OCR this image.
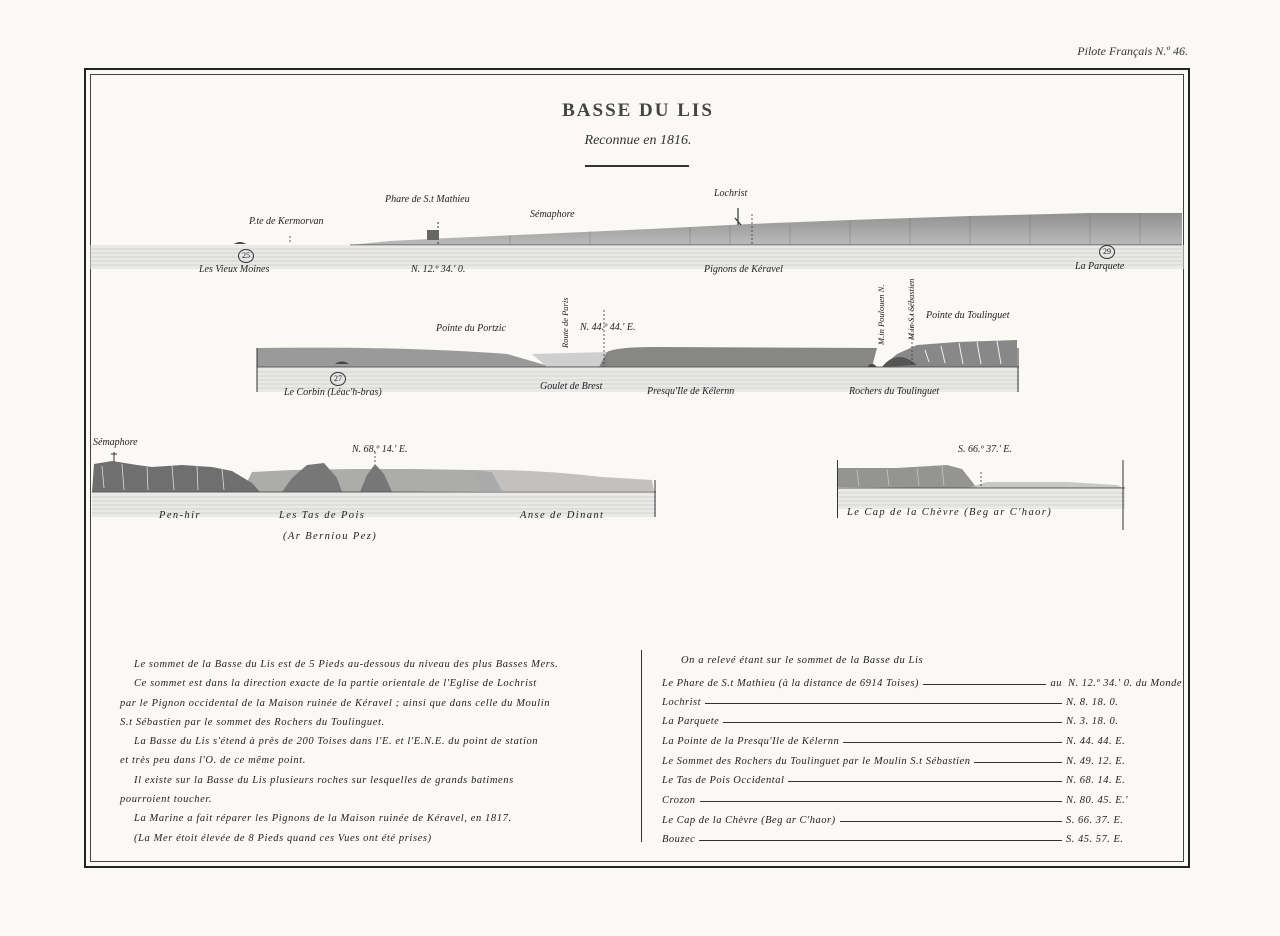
Pilote Français N.º 46.
BASSE DU LIS
Reconnue en 1816.
P.te de Kermorvan
Phare de S.t Mathieu
Sémaphore
Lochrist
25	29
Les Vieux Moines	N. 12.º 34.' 0.	Pignons de Kéravel	La Parquete
Pointe du Portzic	Route de Paris N. 44.º 44.' E.	M.in Poulouen N. M.in S.t Sébastien Pointe du Toulinguet
27
Le Corbin (Léac'h-bras)
Goulet de Brest	Presqu'Ile de Kélernn	Rochers du Toulinguet
Sémaphore
N. 68.º 14.' E.
Pen-hir	Les Tas de Pois
(Ar Berniou Pez)
Anse de Dinant
S. 66.º 37.' E.
Le Cap de la Chèvre (Beg ar C'haor)

Le sommet de la Basse du Lis est de 5 Pieds au-dessous du niveau des plus Basses Mers.

Ce sommet est dans la direction exacte de la partie orientale de l'Eglise de Lochrist

par le Pignon occidental de la Maison ruinée de Kéravel ; ainsi que dans celle du Moulin

S.t Sébastien par le sommet des Rochers du Toulinguet.

La Basse du Lis s'étend à près de 200 Toises dans l'E. et l'E.N.E. du point de station

et très peu dans l'O. de ce même point.

Il existe sur la Basse du Lis plusieurs roches sur lesquelles de grands batimens

pourroient toucher.

La Marine a fait réparer les Pignons de la Maison ruinée de Kéravel, en 1817.

(La Mer étoit élevée de 8 Pieds quand ces Vues ont été prises)

On a relevé étant sur le sommet de la Basse du Lis
Le Phare de S.t Mathieu (à la distance de 6914 Toises)	au N. 12.º 34.' 0. du Monde
Lochrist	N. 8. 18. 0.
La Parquete	N. 3. 18. 0.
La Pointe de la Presqu'Ile de Kélernn	N. 44. 44. E.
Le Sommet des Rochers du Toulinguet par le Moulin S.t Sébastien	N. 49. 12. E.
Le Tas de Pois Occidental	N. 68. 14. E.
Crozon	N. 80. 45. E.'
Le Cap de la Chèvre (Beg ar C'haor)	S. 66. 37. E.
Bouzec	S. 45. 57. E.
